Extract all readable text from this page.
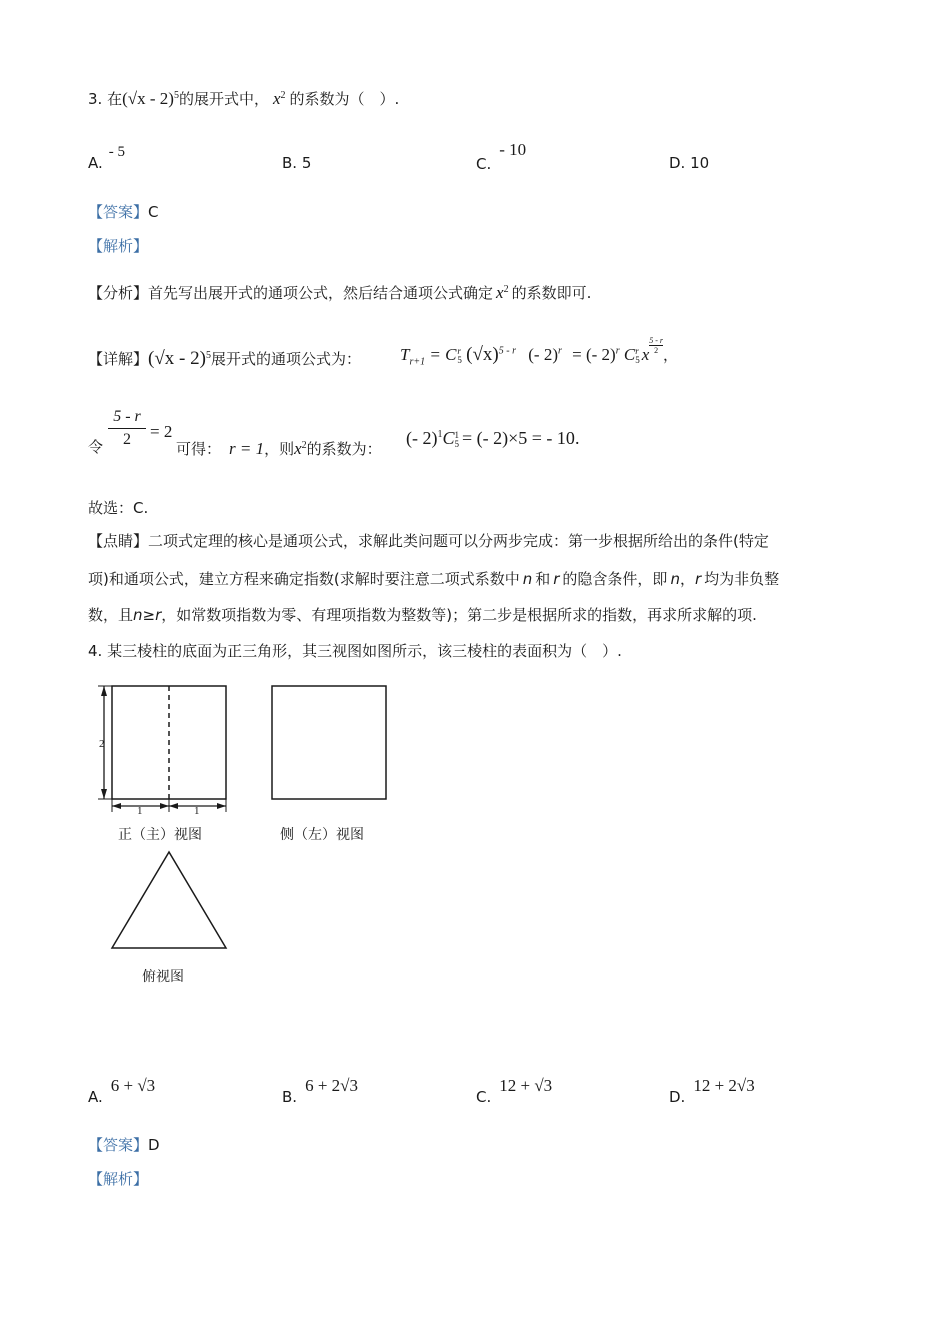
3. 在(√x - 2)$^5$的展开式中， $x^2$ 的系数为（　）.
A.- 5
B. 5	C.- 10
D. 10
【答案】C
【解析】
【分析】首先写出展开式的通项公式，然后结合通项公式确定 $x^2$ 的系数即可.
【详解】(√x - 2)$^5$展开式的通项公式为： $T_{r+1} = C$ r
5 $(√x)^{5 - r}$ (- 2)$^r$ = (- 2)$^r$ C r
5 x $\frac{5 - r}{2}$ ，
令
5 - r
2	= 2
可得： r = 1，则$x^2$的系数为：
(- 2)$^1$C 1
5 = (- 2)×5 = - 10.
故选：C.
【点睛】二项式定理的核心是通项公式，求解此类问题可以分两步完成：第一步根据所给出的条件(特定
项)和通项公式，建立方程来确定指数(求解时要注意二项式系数中 n 和 r 的隐含条件，即 n，r 均为非负整
数，且n≥r，如常数项指数为零、有理项指数为整数等)；第二步是根据所求的指数，再求所求解的项.
4. 某三棱柱的底面为正三角形，其三视图如图所示，该三棱柱的表面积为（　）.
2
1	1
正（主）视图	侧（左）视图
俯视图
A.6 + √3
B.6 + 2√3
C.12 + √3
D.12 + 2√3
【答案】D
【解析】
